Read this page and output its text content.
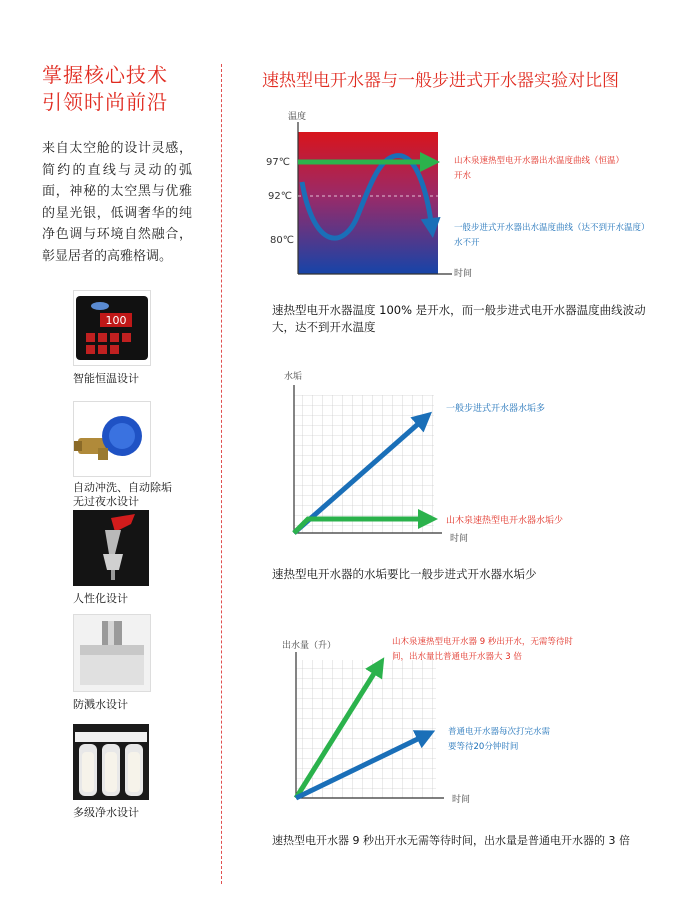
掌握核心技术
引领时尚前沿
来自太空舱的设计灵感，简约的直线与灵动的弧面，神秘的太空黑与优雅的星光银，低调奢华的纯净色调与环境自然融合，彰显居者的高雅格调。
100
智能恒温设计
自动冲洗、自动除垢
无过夜水设计
人性化设计
防溅水设计
多级净水设计
速热型电开水器与一般步进式开水器实验对比图
温度
时间
97℃
92℃
80℃
山木泉速热型电开水器出水温度曲线（恒温）
开水
一般步进式开水器出水温度曲线（达不到开水温度）
水不开
速热型电开水器温度 100% 是开水，而一般步进式电开水器温度曲线波动
大，达不到开水温度
水垢
时间
一般步进式开水器水垢多
山木泉速热型电开水器水垢少
速热型电开水器的水垢要比一般步进式开水器水垢少
出水量（升）
时间
山木泉速热型电开水器 9 秒出开水，无需等待时
间，出水量比普通电开水器大 3 倍
普通电开水器每次打完水需
要等待20分钟时间
速热型电开水器 9 秒出开水无需等待时间，出水量是普通电开水器的 3 倍
